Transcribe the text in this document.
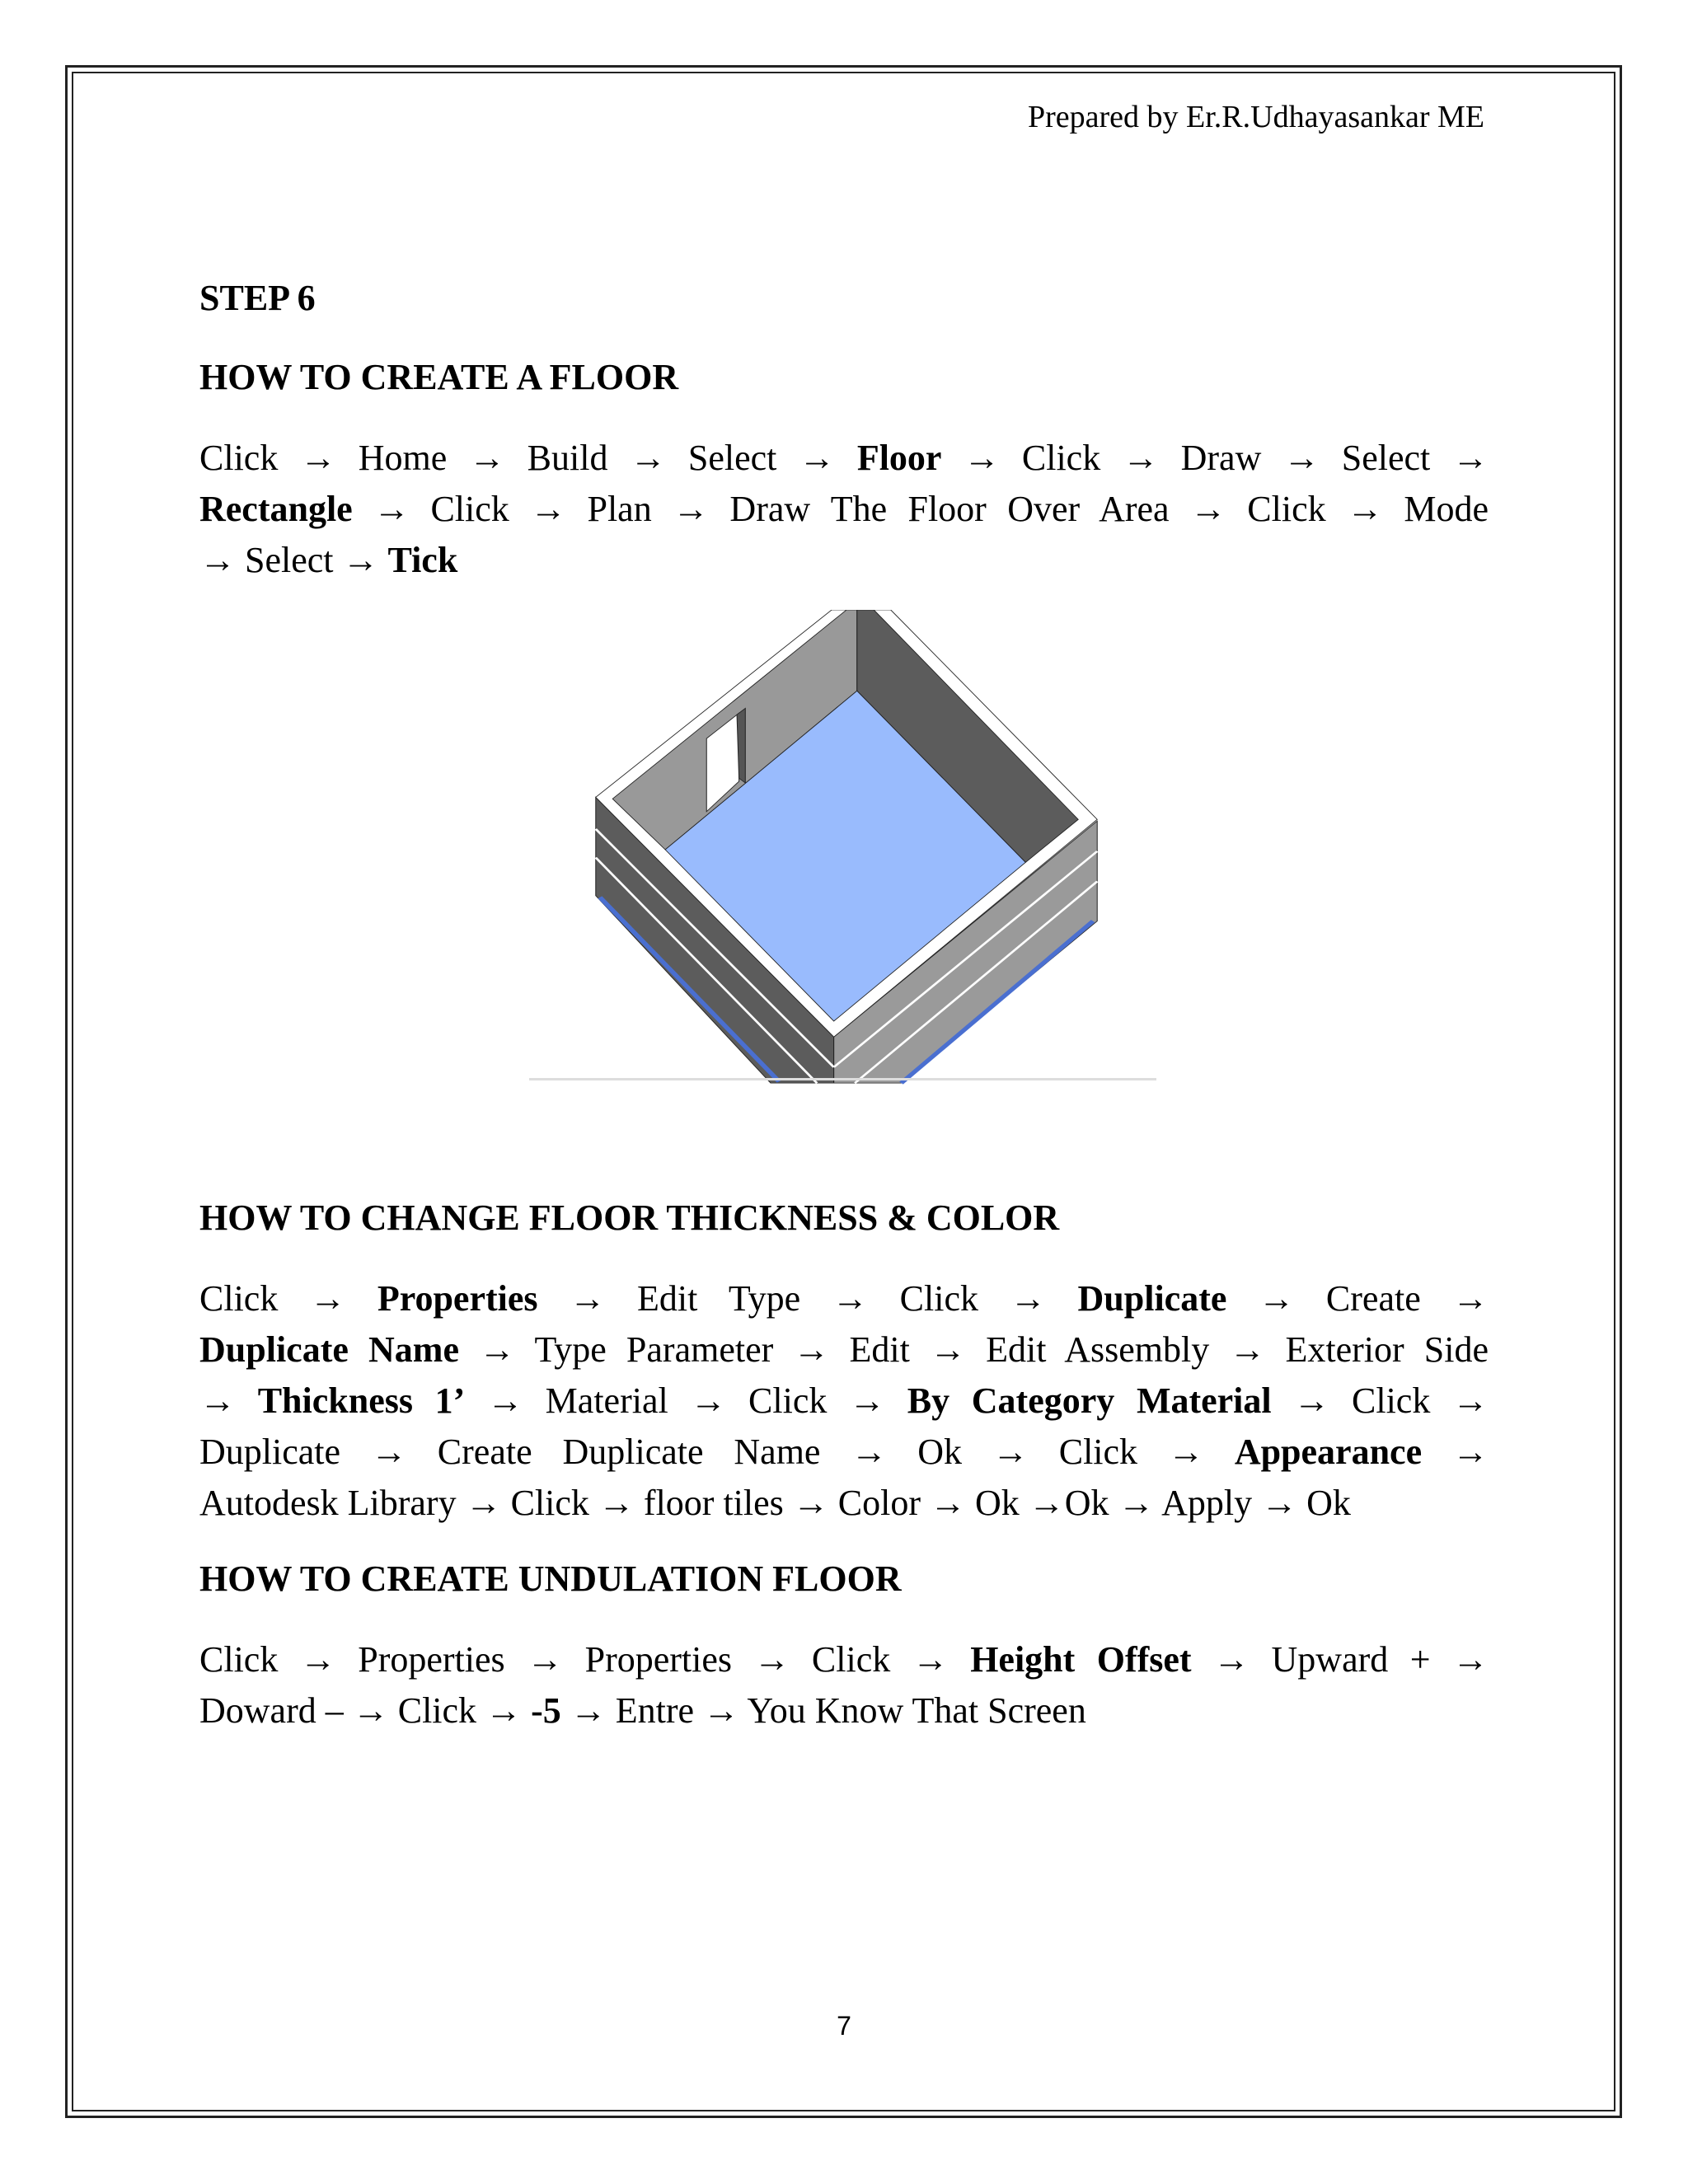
Prepared by Er.R.Udhayasankar ME
STEP 6
HOW TO CREATE A FLOOR
Click → Home → Build → Select → Floor → Click → Draw → Select →
Rectangle → Click → Plan → Draw The Floor Over Area → Click → Mode
→ Select → Tick
HOW TO CHANGE FLOOR THICKNESS & COLOR
Click → Properties → Edit Type → Click → Duplicate → Create →
Duplicate Name → Type Parameter → Edit → Edit Assembly → Exterior Side
→ Thickness 1’ → Material → Click → By Category Material → Click →
Duplicate → Create Duplicate Name → Ok → Click → Appearance →
Autodesk Library → Click → floor tiles → Color → Ok →Ok → Apply → Ok
HOW TO CREATE UNDULATION FLOOR
Click → Properties → Properties → Click → Height Offset → Upward + →
Doward – → Click → -5 → Entre → You Know That Screen
7
